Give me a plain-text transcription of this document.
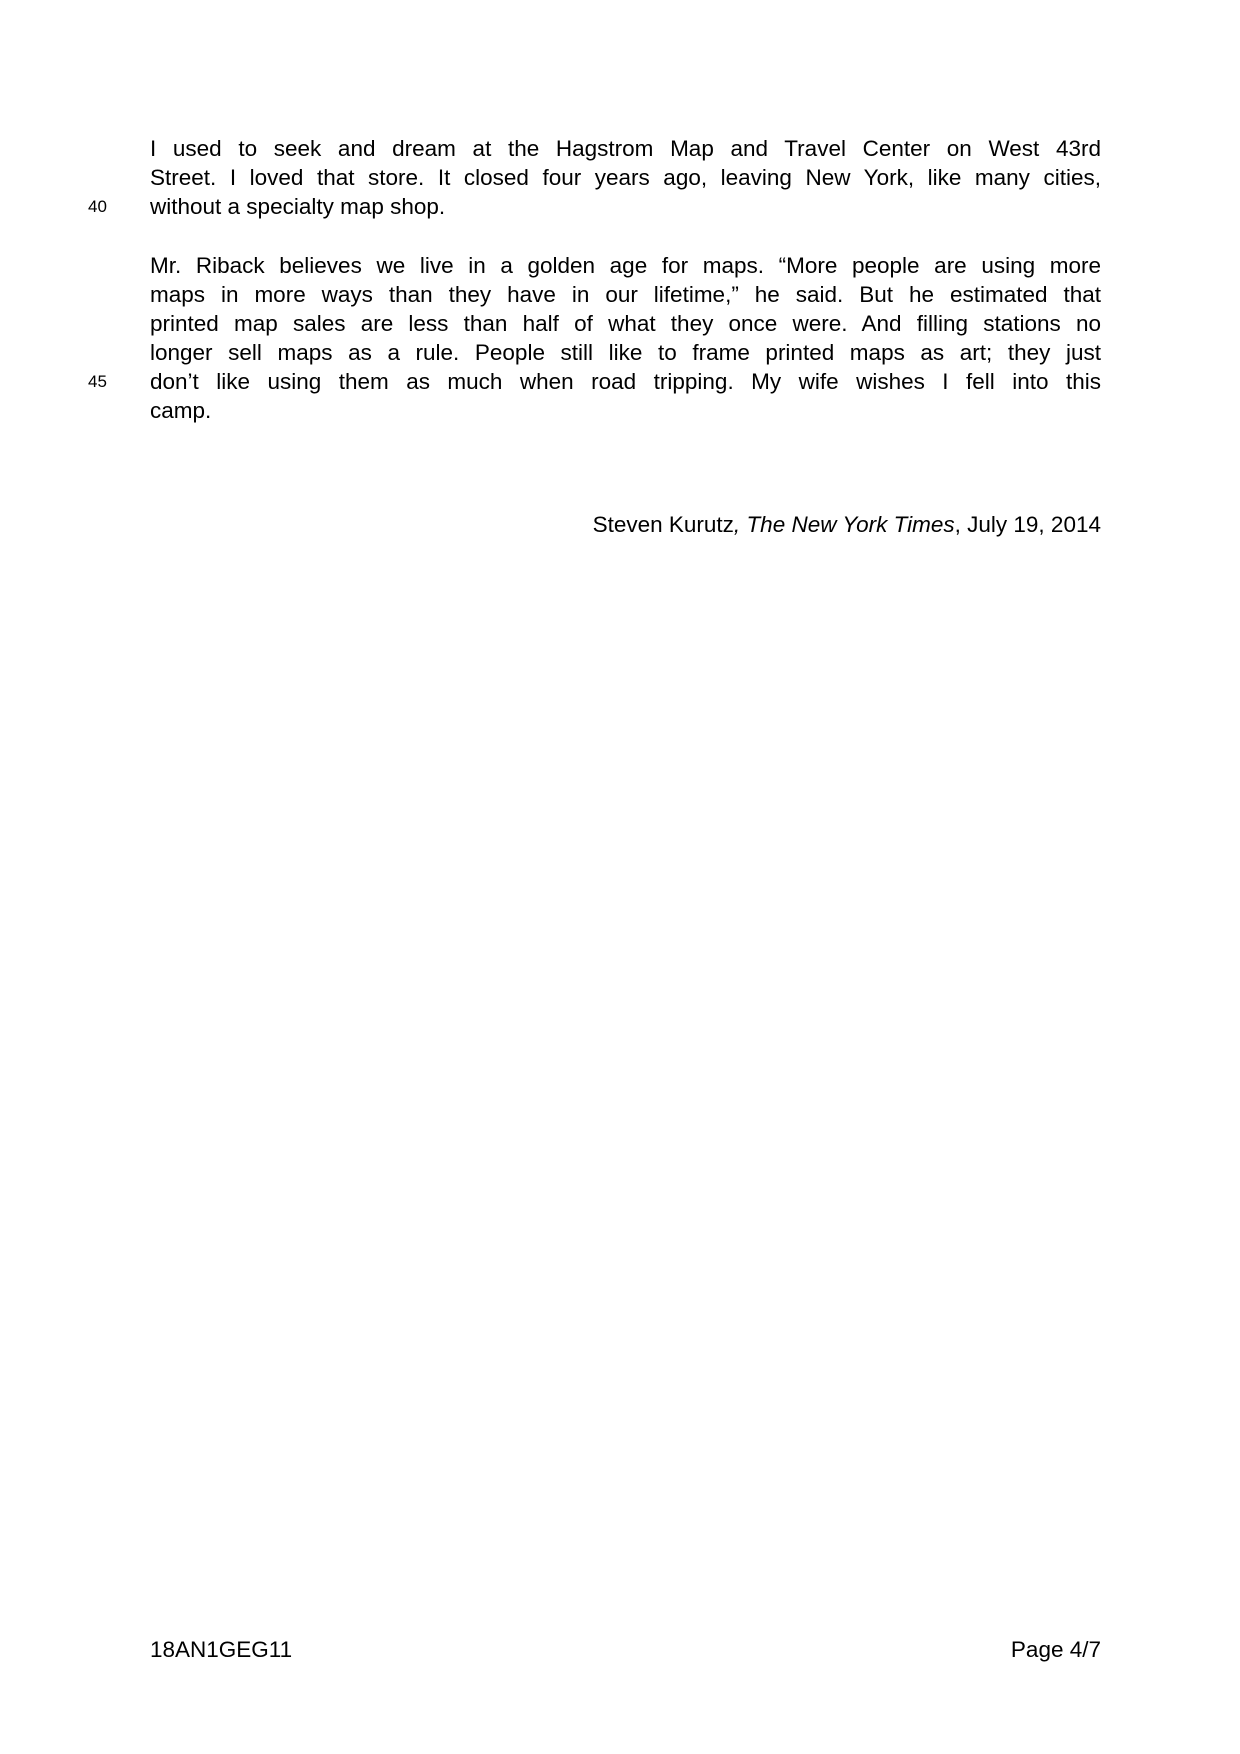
I used to seek and dream at the Hagstrom Map and Travel Center on West 43rd
Street. I loved that store. It closed four years ago, leaving New York, like many cities,
without a specialty map shop.
40
Mr. Riback believes we live in a golden age for maps. “More people are using more
maps in more ways than they have in our lifetime,” he said. But he estimated that
printed map sales are less than half of what they once were. And filling stations no
longer sell maps as a rule. People still like to frame printed maps as art; they just
don’t like using them as much when road tripping. My wife wishes I fell into this
camp.
45
Steven Kurutz, The New York Times, July 19, 2014
18AN1GEG11	Page 4/7
